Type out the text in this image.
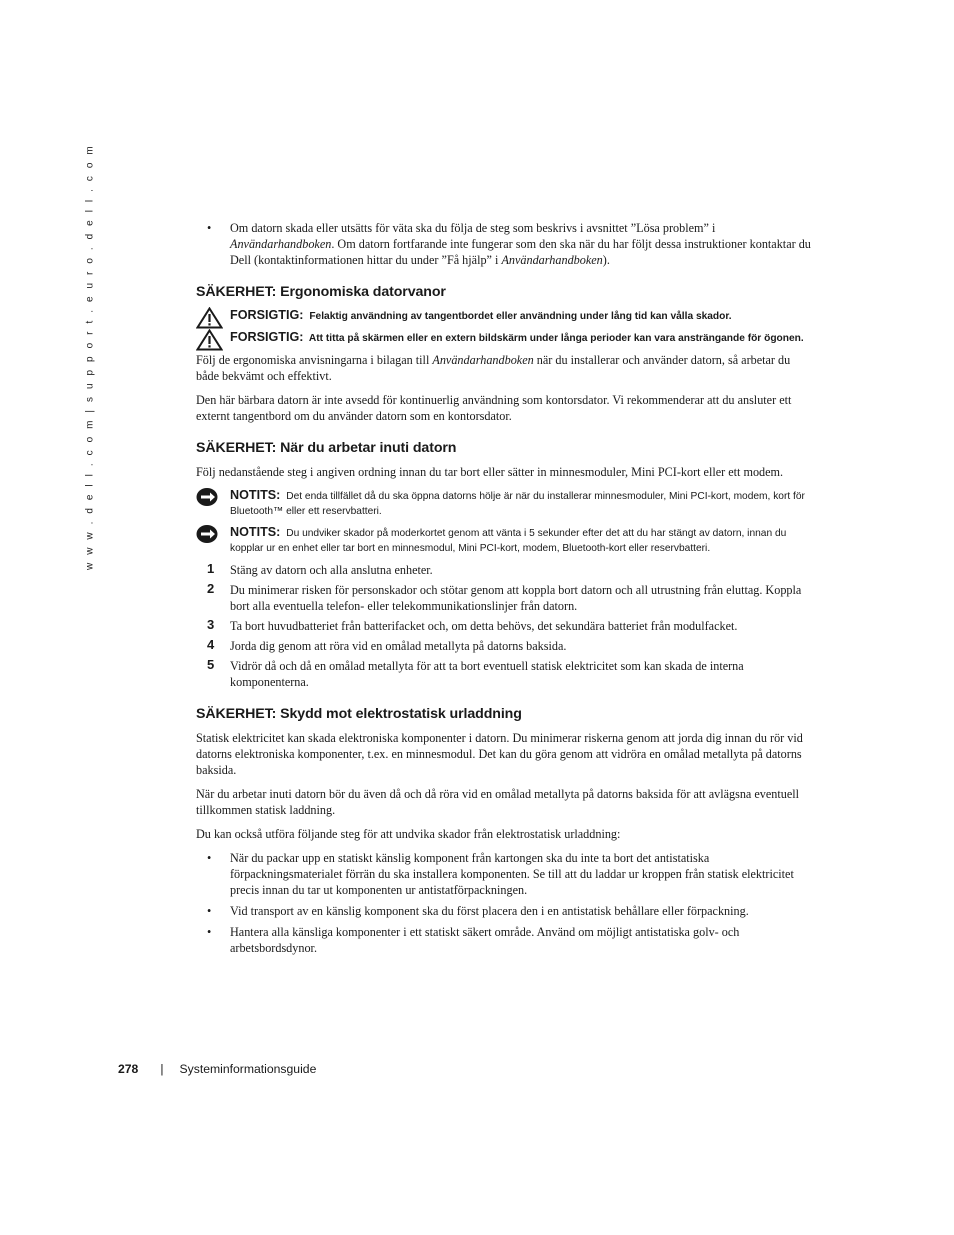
w w w . d e l l . c o m | s u p p o r t . e u r o . d e l l . c o m	• Om datorn skada eller utsätts för väta ska du följa de steg som beskrivs i avsnittet ”Lösa problem” i Användarhandboken. Om datorn fortfarande inte fungerar som den ska när du har följt dessa instruktioner kontaktar du Dell (kontaktinformationen hittar du under ”Få hjälp” i Användarhandboken).
SÄKERHET: Ergonomiska datorvanor
FORSIGTIG: Felaktig användning av tangentbordet eller användning under lång tid kan vålla skador.
FORSIGTIG: Att titta på skärmen eller en extern bildskärm under långa perioder kan vara ansträngande för ögonen.

Följ de ergonomiska anvisningarna i bilagan till Användarhandboken när du installerar och använder datorn, så arbetar du både bekvämt och effektivt.

Den här bärbara datorn är inte avsedd för kontinuerlig användning som kontorsdator. Vi rekommenderar att du ansluter ett externt tangentbord om du använder datorn som en kontorsdator.

SÄKERHET: När du arbetar inuti datorn

Följ nedanstående steg i angiven ordning innan du tar bort eller sätter in minnesmoduler, Mini PCI-kort eller ett modem.

NOTITS: Det enda tillfället då du ska öppna datorns hölje är när du installerar minnesmoduler, Mini PCI-kort, modem, kort för Bluetooth™ eller ett reservbatteri.
NOTITS: Du undviker skador på moderkortet genom att vänta i 5 sekunder efter det att du har stängt av datorn, innan du kopplar ur en enhet eller tar bort en minnesmodul, Mini PCI-kort, modem, Bluetooth-kort eller reservbatteri.
1 Stäng av datorn och alla anslutna enheter.
2 Du minimerar risken för personskador och stötar genom att koppla bort datorn och all utrustning från eluttag. Koppla bort alla eventuella telefon- eller telekommunikationslinjer från datorn.
3 Ta bort huvudbatteriet från batterifacket och, om detta behövs, det sekundära batteriet från modulfacket.
4 Jorda dig genom att röra vid en omålad metallyta på datorns baksida.
5 Vidrör då och då en omålad metallyta för att ta bort eventuell statisk elektricitet som kan skada de interna komponenterna.
SÄKERHET: Skydd mot elektrostatisk urladdning

Statisk elektricitet kan skada elektroniska komponenter i datorn. Du minimerar riskerna genom att jorda dig innan du rör vid datorns elektroniska komponenter, t.ex. en minnesmodul. Det kan du göra genom att vidröra en omålad metallyta på datorns baksida.

När du arbetar inuti datorn bör du även då och då röra vid en omålad metallyta på datorns baksida för att avlägsna eventuell tillkommen statisk laddning.

Du kan också utföra följande steg för att undvika skador från elektrostatisk urladdning:

• När du packar upp en statiskt känslig komponent från kartongen ska du inte ta bort det antistatiska förpackningsmaterialet förrän du ska installera komponenten. Se till att du laddar ur kroppen från statisk elektricitet precis innan du tar ut komponenten ur antistatförpackningen.
• Vid transport av en känslig komponent ska du först placera den i en antistatisk behållare eller förpackning.
• Hantera alla känsliga komponenter i ett statiskt säkert område. Använd om möjligt antistatiska golv- och arbetsbordsdynor.
278 | Systeminformationsguide
